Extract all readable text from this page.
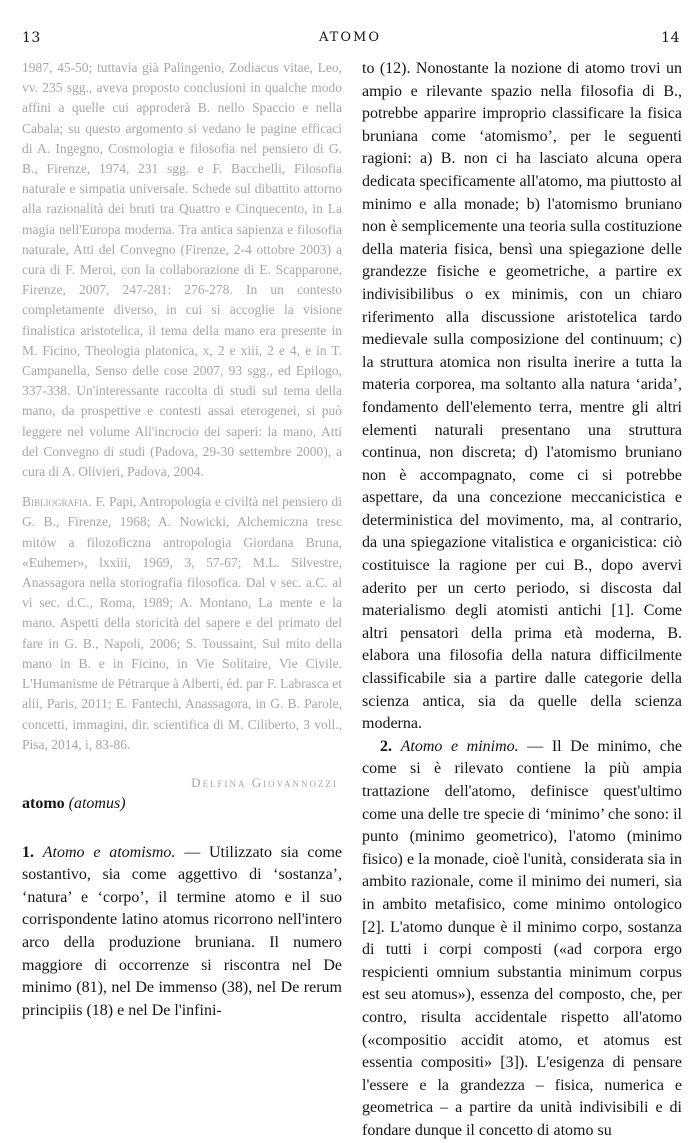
13	ATOMO	14

1987, 45-50; tuttavia già Palingenio, Zodiacus vitae, Leo, vv. 235 sgg., aveva proposto conclusioni in qualche modo affini a quelle cui approderà B. nello Spaccio e nella Cabala; su questo argomento si vedano le pagine efficaci di A. Ingegno, Cosmologia e filosofia nel pensiero di G. B., Firenze, 1974, 231 sgg. e F. Bacchelli, Filosofia naturale e simpatia universale. Schede sul dibattito attorno alla razionalità dei bruti tra Quattro e Cinquecento, in La magia nell'Europa moderna. Tra antica sapienza e filosofia naturale, Atti del Convegno (Firenze, 2-4 ottobre 2003) a cura di F. Meroi, con la collaborazione di E. Scapparone, Firenze, 2007, 247-281: 276-278. In un contesto completamente diverso, in cui si accoglie la visione finalistica aristotelica, il tema della mano era presente in M. Ficino, Theologia platonica, x, 2 e xiii, 2 e 4, e in T. Campanella, Senso delle cose 2007, 93 sgg., ed Epilogo, 337-338. Un'interessante raccolta di studi sul tema della mano, da prospettive e contesti assai eterogenei, si può leggere nel volume All'incrocio dei saperi: la mano, Atti del Convegno di studi (Padova, 29-30 settembre 2000), a cura di A. Olivieri, Padova, 2004.

Bibliografia. F. Papi, Antropologia e civiltà nel pensiero di G. B., Firenze, 1968; A. Nowicki, Alchemiczna tresc mitów a filozoficzna antropologia Giordana Bruna, «Euhemer», lxxiii, 1969, 3, 57-67; M.L. Silvestre, Anassagora nella storiografia filosofica. Dal v sec. a.C. al vi sec. d.C., Roma, 1989; A. Montano, La mente e la mano. Aspetti della storicità del sapere e del primato del fare in G. B., Napoli, 2006; S. Toussaint, Sul mito della mano in B. e in Ficino, in Vie Solitaire, Vie Civile. L'Humanisme de Pétrarque à Alberti, éd. par F. Labrasca et alii, Paris, 2011; E. Fantechi, Anassagora, in G. B. Parole, concetti, immagini, dir. scientifica di M. Ciliberto, 3 voll., Pisa, 2014, i, 83-86.

Delfina Giovannozzi

atomo (atomus)

1. Atomo e atomismo. — Utilizzato sia come sostantivo, sia come aggettivo di ‘sostanza’, ‘natura’ e ‘corpo’, il termine atomo e il suo corrispondente latino atomus ricorrono nell'intero arco della produzione bruniana. Il numero maggiore di occorrenze si riscontra nel De minimo (81), nel De immenso (38), nel De rerum principiis (18) e nel De l'infini-

to (12). Nonostante la nozione di atomo trovi un ampio e rilevante spazio nella filosofia di B., potrebbe apparire improprio classificare la fisica bruniana come ‘atomismo’, per le seguenti ragioni: a) B. non ci ha lasciato alcuna opera dedicata specificamente all'atomo, ma piuttosto al minimo e alla monade; b) l'atomismo bruniano non è semplicemente una teoria sulla costituzione della materia fisica, bensì una spiegazione delle grandezze fisiche e geometriche, a partire ex indivisibilibus o ex minimis, con un chiaro riferimento alla discussione aristotelica tardo medievale sulla composizione del continuum; c) la struttura atomica non risulta inerire a tutta la materia corporea, ma soltanto alla natura ‘arida’, fondamento dell'elemento terra, mentre gli altri elementi naturali presentano una struttura continua, non discreta; d) l'atomismo bruniano non è accompagnato, come ci si potrebbe aspettare, da una concezione meccanicistica e deterministica del movimento, ma, al contrario, da una spiegazione vitalistica e organicistica: ciò costituisce la ragione per cui B., dopo avervi aderito per un certo periodo, si discosta dal materialismo degli atomisti antichi [1]. Come altri pensatori della prima età moderna, B. elabora una filosofia della natura difficilmente classificabile sia a partire dalle categorie della scienza antica, sia da quelle della scienza moderna.

2. Atomo e minimo. — Il De minimo, che come si è rilevato contiene la più ampia trattazione dell'atomo, definisce quest'ultimo come una delle tre specie di ‘minimo’ che sono: il punto (minimo geometrico), l'atomo (minimo fisico) e la monade, cioè l'unità, considerata sia in ambito razionale, come il minimo dei numeri, sia in ambito metafisico, come minimo ontologico [2]. L'atomo dunque è il minimo corpo, sostanza di tutti i corpi composti («ad corpora ergo respicienti omnium substantia minimum corpus est seu atomus»), essenza del composto, che, per contro, risulta accidentale rispetto all'atomo («compositio accidit atomo, et atomus est essentia compositi» [3]). L'esigenza di pensare l'essere e la grandezza – fisica, numerica e geometrica – a partire da unità indivisibili e di fondare dunque il concetto di atomo su
